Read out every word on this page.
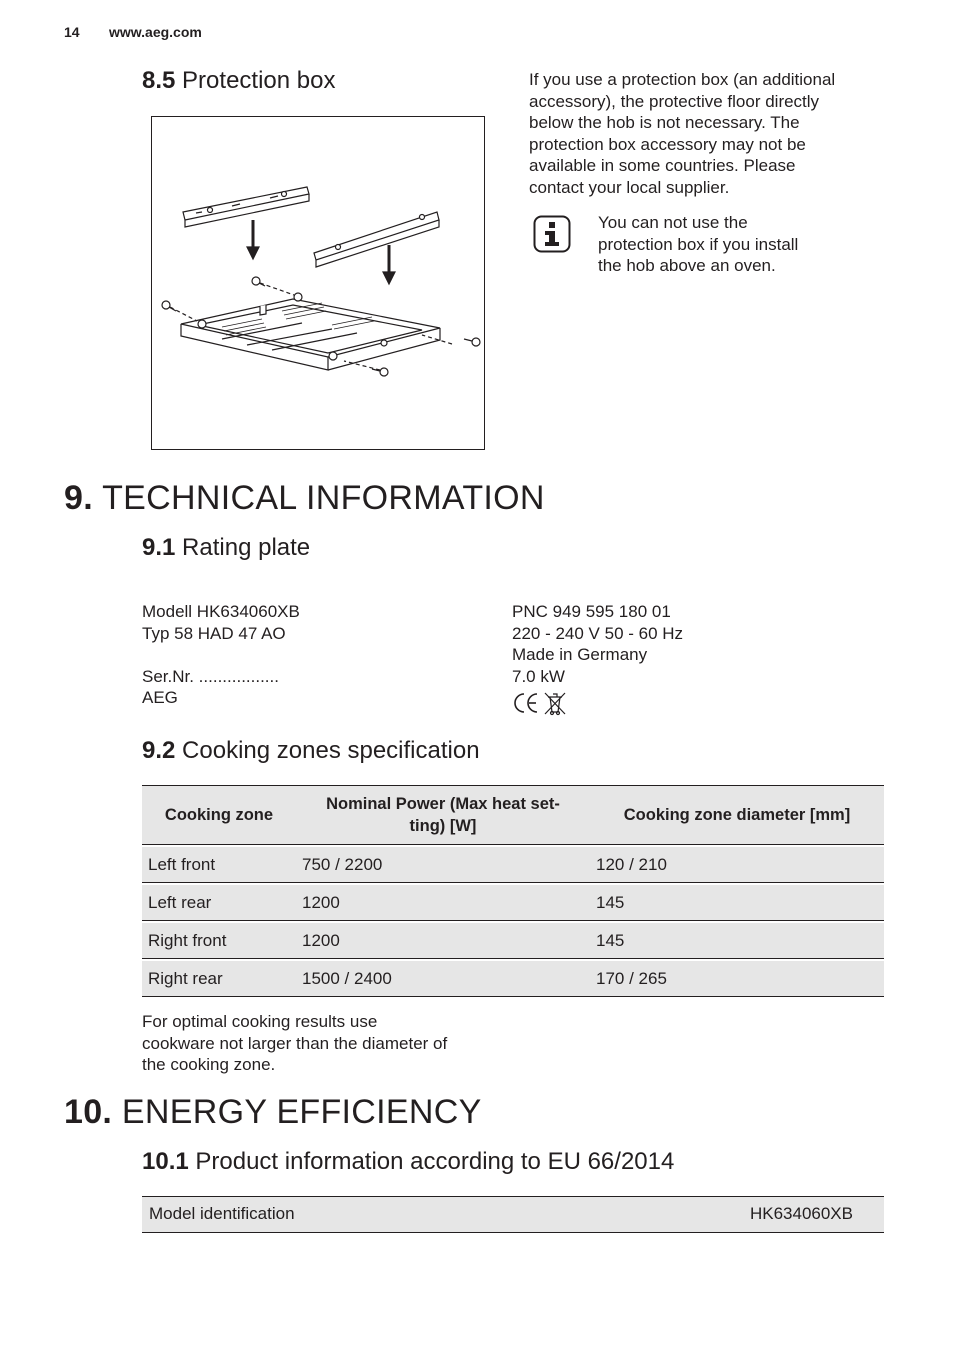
14 www.aeg.com
8.5 Protection box	If you use a protection box (an additional
accessory), the protective floor directly
below the hob is not necessary. The
protection box accessory may not be
available in some countries. Please
contact your local supplier.
You can not use the
protection box if you install
the hob above an oven.
9. TECHNICAL INFORMATION
9.1 Rating plate
Modell HK634060XB
Typ 58 HAD 47 AO
Ser.Nr. .................
AEG
PNC 949 595 180 01
220 - 240 V 50 - 60 Hz
Made in Germany
7.0 kW
9.2 Cooking zones specification
Cooking zone	Nominal Power (Max heat set-
ting) [W]	Cooking zone diameter [mm]

Left front	750 / 2200	120 / 210

Left rear	1200	145

Right front	1200	145

Right rear	1500 / 2400	170 / 265
For optimal cooking results use
cookware not larger than the diameter of
the cooking zone.
10. ENERGY EFFICIENCY
10.1 Product information according to EU 66/2014
Model identification	HK634060XB
